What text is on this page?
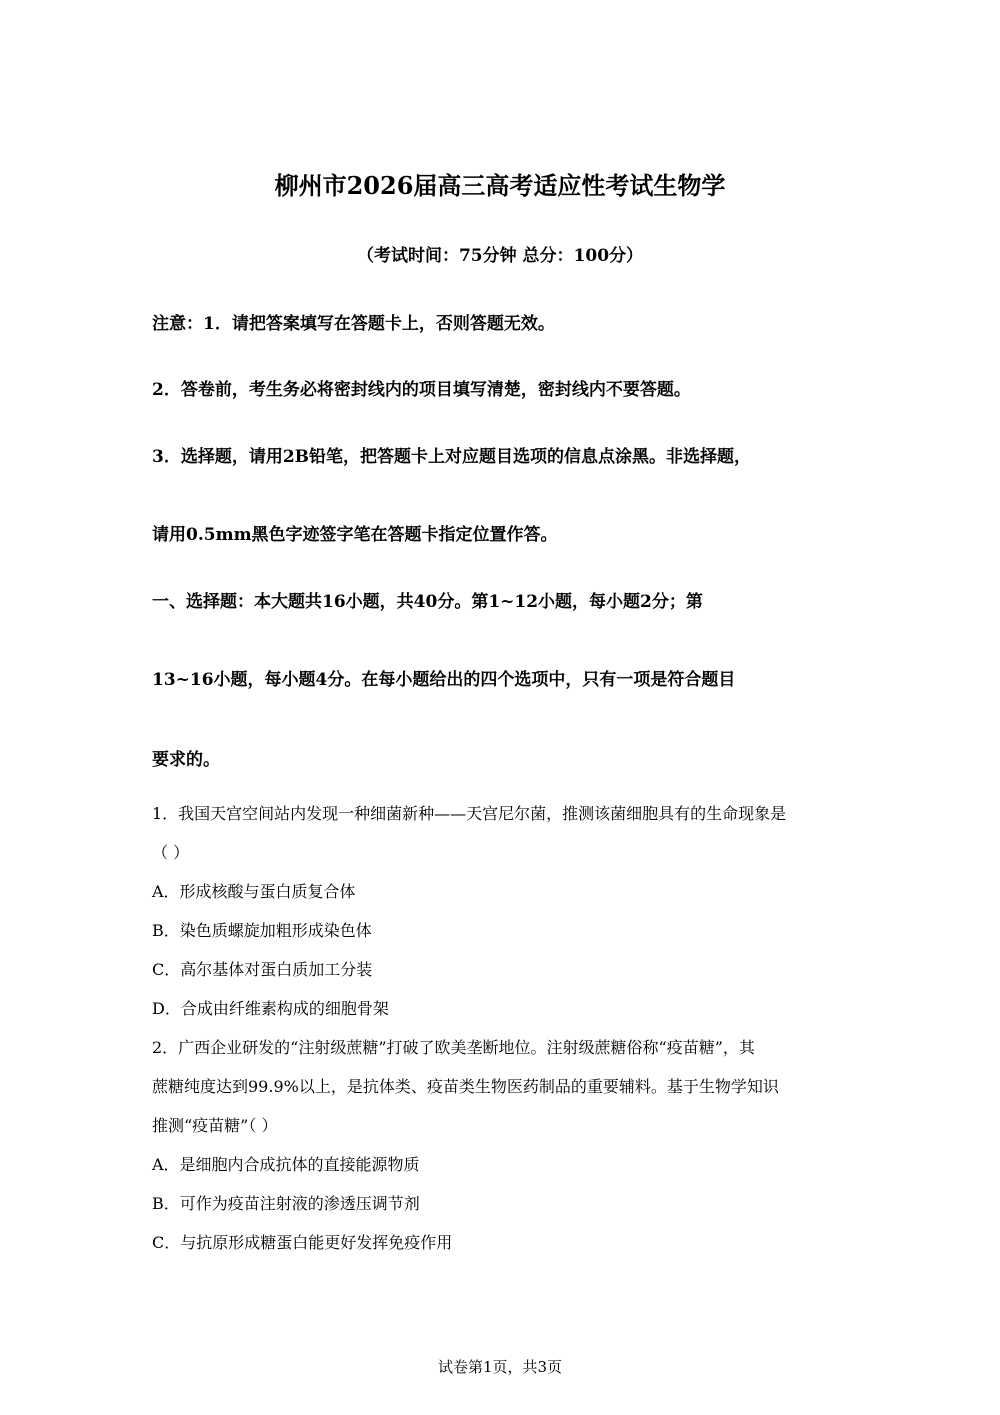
柳州市2026届高三高考适应性考试生物学
（考试时间：75分钟 总分：100分）
注意：1．请把答案填写在答题卡上，否则答题无效。
2．答卷前，考生务必将密封线内的项目填写清楚，密封线内不要答题。
3．选择题，请用2B铅笔，把答题卡上对应题目选项的信息点涂黑。非选择题，
请用0.5mm黑色字迹签字笔在答题卡指定位置作答。
一、选择题：本大题共16小题，共40分。第1~12小题，每小题2分；第
13~16小题，每小题4分。在每小题给出的四个选项中，只有一项是符合题目
要求的。
1．我国天宫空间站内发现一种细菌新种——天宫尼尔菌，推测该菌细胞具有的生命现象是
（ ）
A．形成核酸与蛋白质复合体
B．染色质螺旋加粗形成染色体
C．高尔基体对蛋白质加工分装
D．合成由纤维素构成的细胞骨架
2．广西企业研发的“注射级蔗糖”打破了欧美垄断地位。注射级蔗糖俗称“疫苗糖”，其
蔗糖纯度达到99.9%以上，是抗体类、疫苗类生物医药制品的重要辅料。基于生物学知识
推测“疫苗糖”（ ）
A．是细胞内合成抗体的直接能源物质
B．可作为疫苗注射液的渗透压调节剂
C．与抗原形成糖蛋白能更好发挥免疫作用
试卷第1页，共3页
